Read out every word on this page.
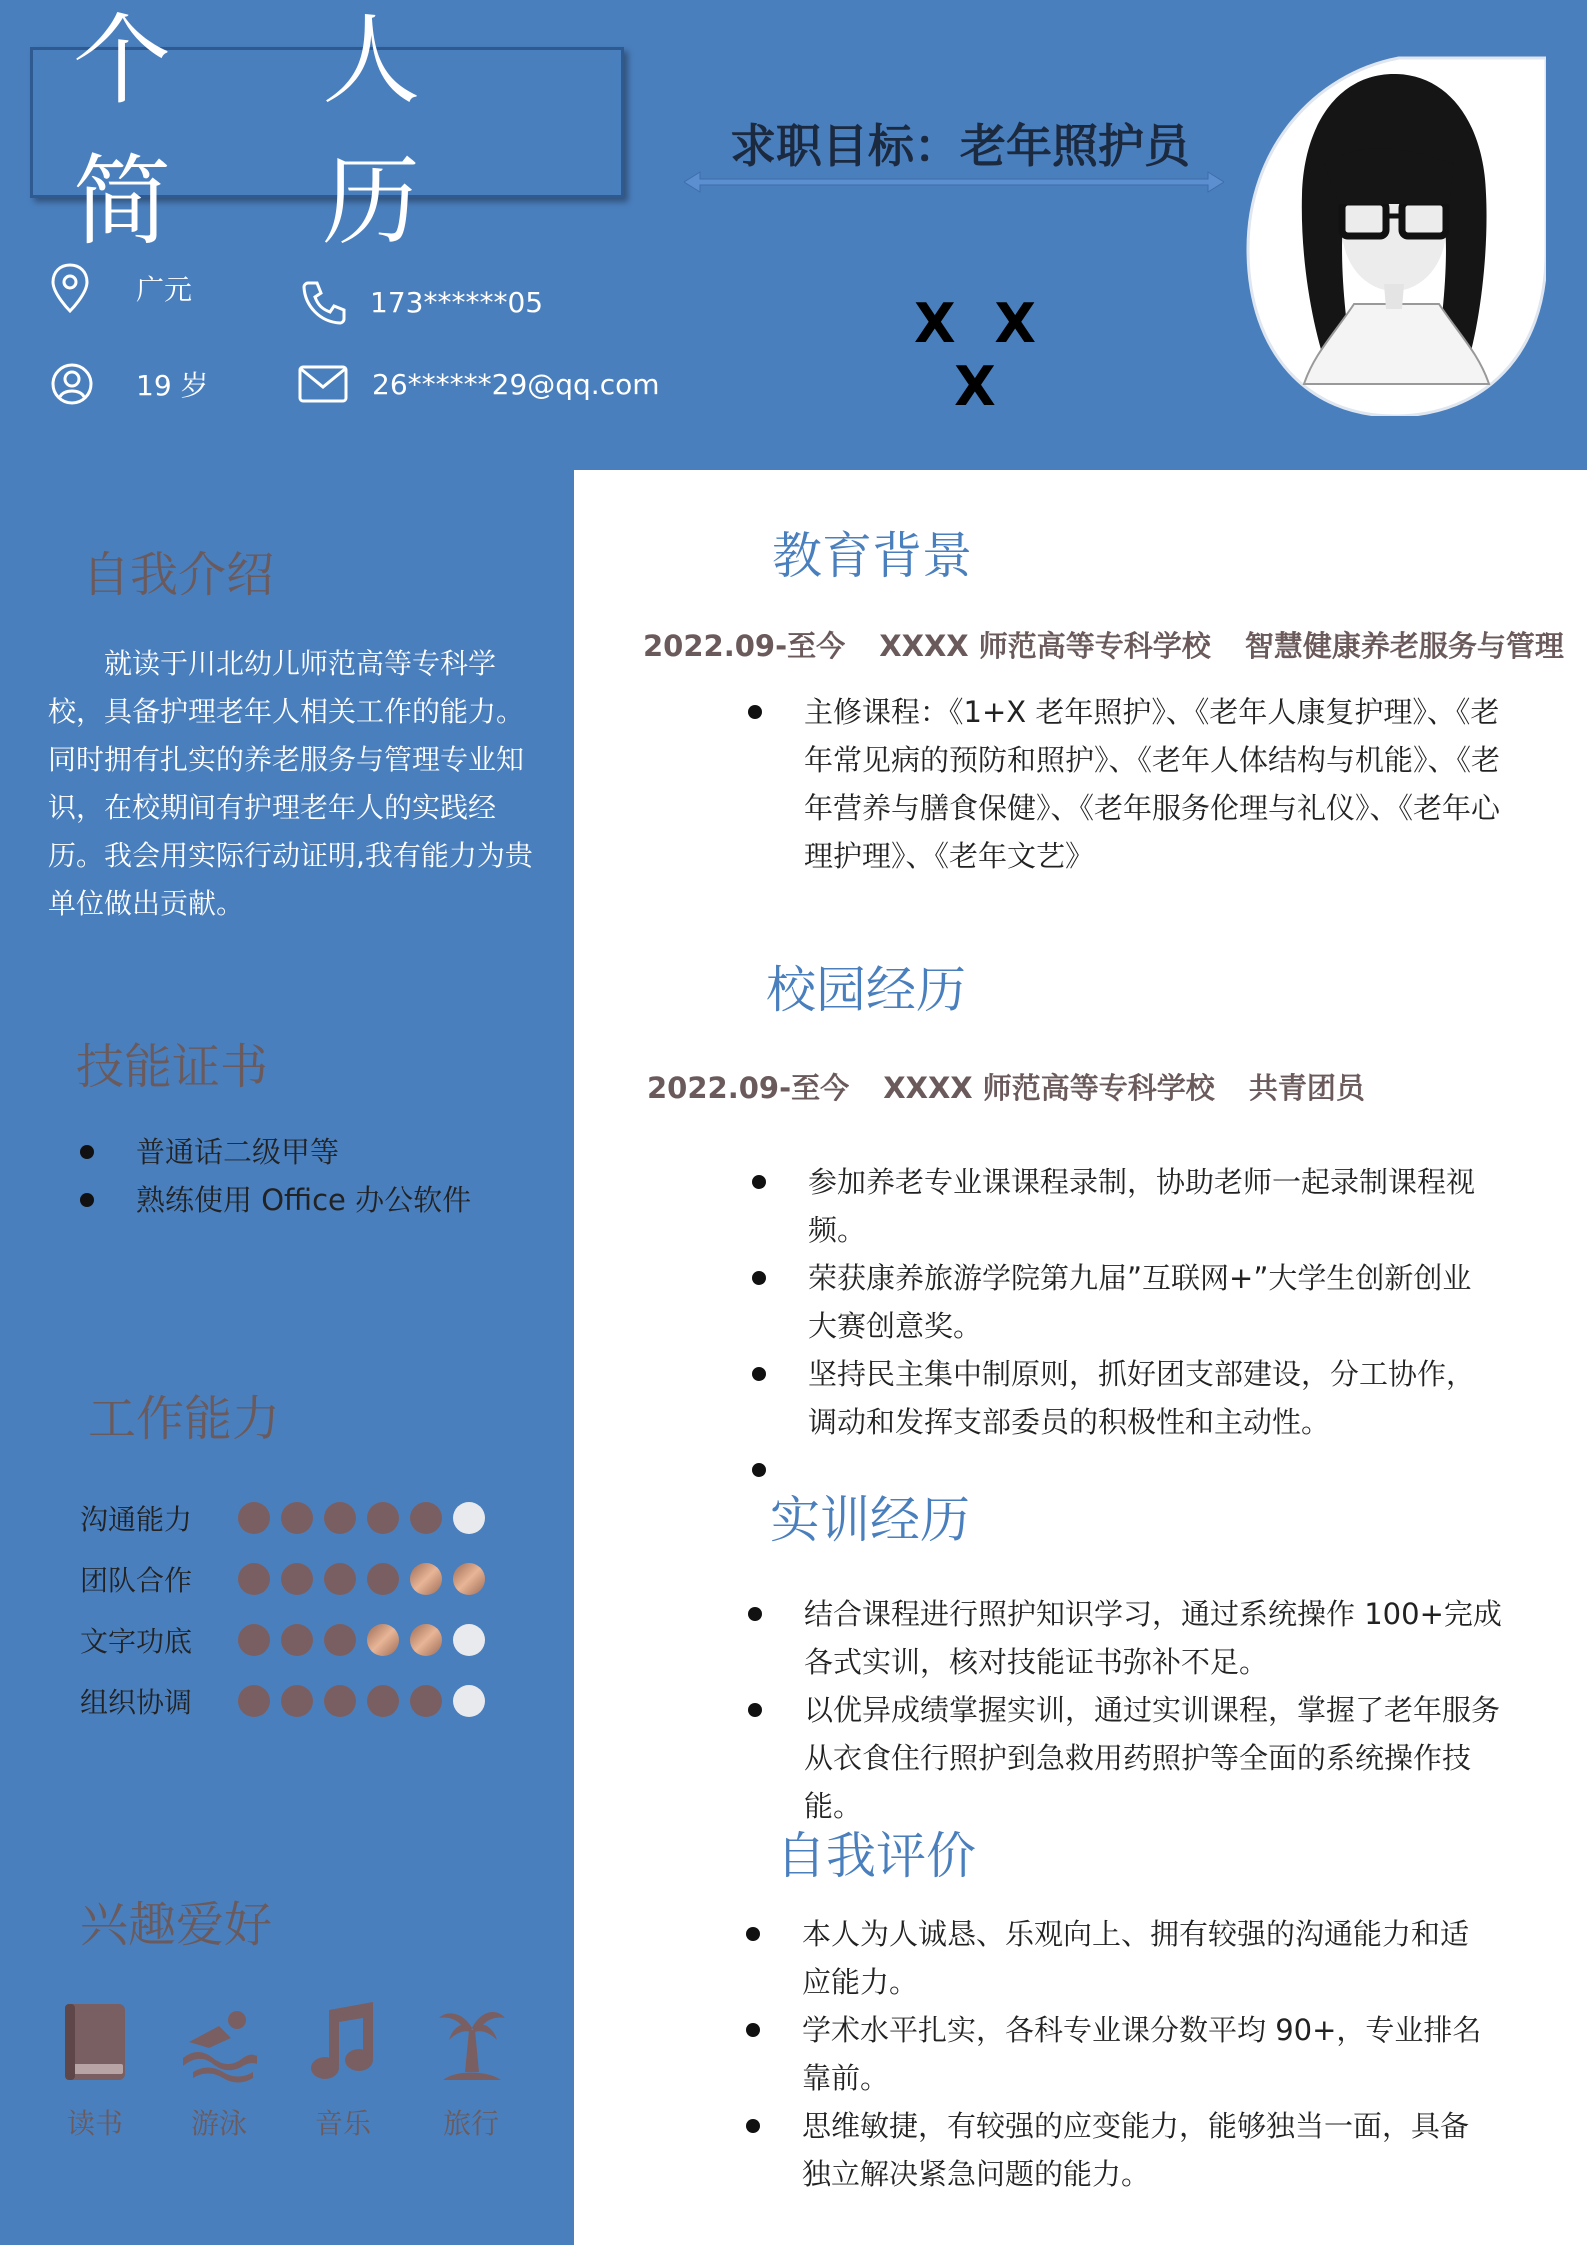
个 人 简 历	求职目标：老年照护员
X X X
广元
19 岁
173******05
26******29@qq.com
自我介绍
就读于川北幼儿师范高等专科学校，具备护理老年人相关工作的能力。同时拥有扎实的养老服务与管理专业知识，在校期间有护理老年人的实践经历。我会用实际行动证明,我有能力为贵单位做出贡献。
技能证书
普通话二级甲等
熟练使用 Office 办公软件
工作能力
沟通能力
团队合作
文字功底
组织协调
兴趣爱好
读书	游泳	音乐	旅行
教育背景
2022.09-至今 XXXX 师范高等专科学校 智慧健康养老服务与管理
主修课程：《1+X 老年照护》、《老年人康复护理》、《老年常见病的预防和照护》、《老年人体结构与机能》、《老年营养与膳食保健》、《老年服务伦理与礼仪》、《老年心理护理》、《老年文艺》
校园经历
2022.09-至今 XXXX 师范高等专科学校 共青团员
参加养老专业课课程录制，协助老师一起录制课程视频。
荣获康养旅游学院第九届”互联网+”大学生创新创业大赛创意奖。
坚持民主集中制原则，抓好团支部建设，分工协作，调动和发挥支部委员的积极性和主动性。
实训经历
结合课程进行照护知识学习，通过系统操作 100+完成各式实训，核对技能证书弥补不足。
以优异成绩掌握实训，通过实训课程，掌握了老年服务从衣食住行照护到急救用药照护等全面的系统操作技能。
自我评价
本人为人诚恳、乐观向上、拥有较强的沟通能力和适应能力。
学术水平扎实，各科专业课分数平均 90+，专业排名靠前。
思维敏捷，有较强的应变能力，能够独当一面，具备独立解决紧急问题的能力。
